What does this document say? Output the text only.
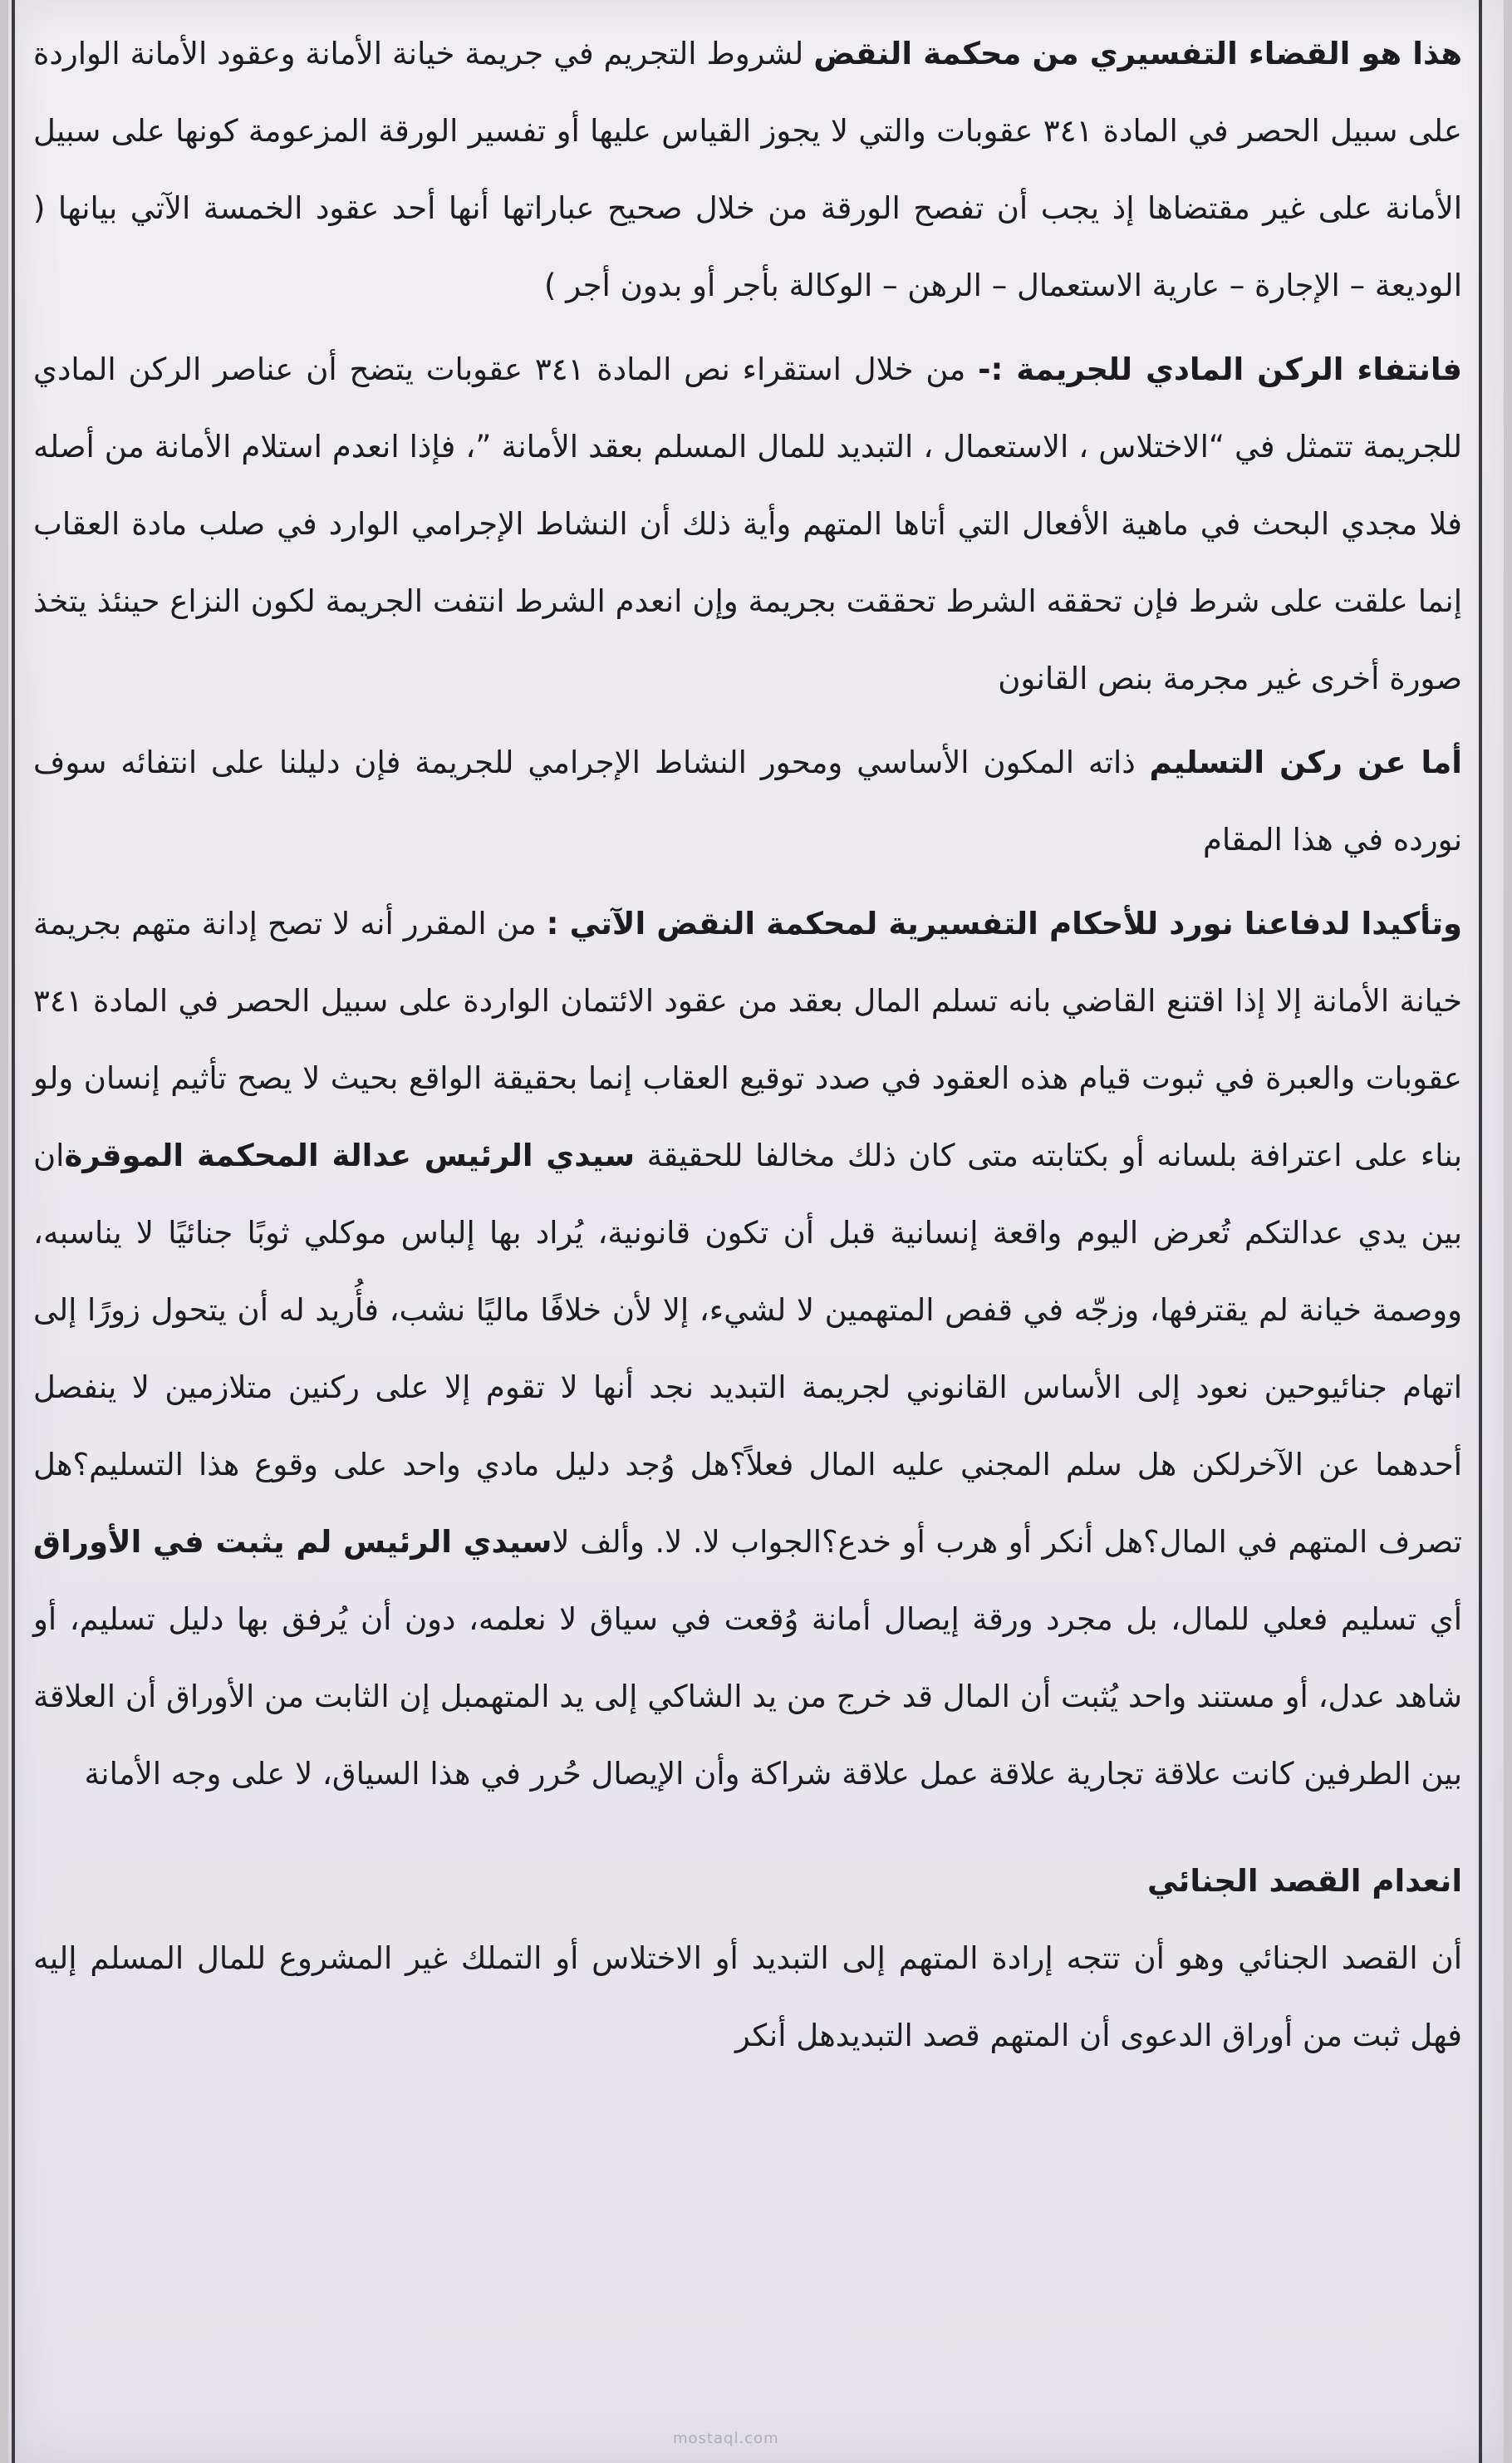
هذا هو القضاء التفسيري من محكمة النقض لشروط التجريم في جريمة خيانة الأمانة وعقود الأمانة الواردة على سبيل الحصر في المادة ٣٤١ عقوبات والتي لا يجوز القياس عليها أو تفسير الورقة المزعومة كونها على سبيل الأمانة على غير مقتضاها إذ يجب أن تفصح الورقة من خلال صحيح عباراتها أنها أحد عقود الخمسة الآتي بيانها ( الوديعة – الإجارة – عارية الاستعمال – الرهن – الوكالة بأجر أو بدون أجر )

فانتفاء الركن المادي للجريمة :- من خلال استقراء نص المادة ٣٤١ عقوبات يتضح أن عناصر الركن المادي للجريمة تتمثل في “الاختلاس ، الاستعمال ، التبديد للمال المسلم بعقد الأمانة ”، فإذا انعدم استلام الأمانة من أصله فلا مجدي البحث في ماهية الأفعال التي أتاها المتهم وأية ذلك أن النشاط الإجرامي الوارد في صلب مادة العقاب إنما علقت على شرط فإن تحققه الشرط تحققت بجريمة وإن انعدم الشرط انتفت الجريمة لكون النزاع حينئذ يتخذ صورة أخرى غير مجرمة بنص القانون

أما عن ركن التسليم ذاته المكون الأساسي ومحور النشاط الإجرامي للجريمة فإن دليلنا على انتفائه سوف نورده في هذا المقام

وتأكيدا لدفاعنا نورد للأحكام التفسيرية لمحكمة النقض الآتي : من المقرر أنه لا تصح إدانة متهم بجريمة خيانة الأمانة إلا إذا اقتنع القاضي بانه تسلم المال بعقد من عقود الائتمان الواردة على سبيل الحصر في المادة ٣٤١ عقوبات والعبرة في ثبوت قيام هذه العقود في صدد توقيع العقاب إنما بحقيقة الواقع بحيث لا يصح تأثيم إنسان ولو بناء على اعترافة بلسانه أو بكتابته متى كان ذلك مخالفا للحقيقة سيدي الرئيس عدالة المحكمة الموقرةان بين يدي عدالتكم تُعرض اليوم واقعة إنسانية قبل أن تكون قانونية، يُراد بها إلباس موكلي ثوبًا جنائيًا لا يناسبه، ووصمة خيانة لم يقترفها، وزجّه في قفص المتهمين لا لشيء، إلا لأن خلافًا ماليًا نشب، فأُريد له أن يتحول زورًا إلى اتهام جنائيوحين نعود إلى الأساس القانوني لجريمة التبديد نجد أنها لا تقوم إلا على ركنين متلازمين لا ينفصل أحدهما عن الآخرلكن هل سلم المجني عليه المال فعلاً؟هل وُجد دليل مادي واحد على وقوع هذا التسليم؟هل تصرف المتهم في المال؟هل أنكر أو هرب أو خدع؟الجواب لا. لا. وألف لاسيدي الرئيس لم يثبت في الأوراق أي تسليم فعلي للمال، بل مجرد ورقة إيصال أمانة وُقعت في سياق لا نعلمه، دون أن يُرفق بها دليل تسليم، أو شاهد عدل، أو مستند واحد يُثبت أن المال قد خرج من يد الشاكي إلى يد المتهمبل إن الثابت من الأوراق أن العلاقة بين الطرفين كانت علاقة تجارية علاقة عمل علاقة شراكة وأن الإيصال حُرر في هذا السياق، لا على وجه الأمانة

انعدام القصد الجنائي

أن القصد الجنائي وهو أن تتجه إرادة المتهم إلى التبديد أو الاختلاس أو التملك غير المشروع للمال المسلم إليه فهل ثبت من أوراق الدعوى أن المتهم قصد التبديدهل أنكر

mostaql.com
